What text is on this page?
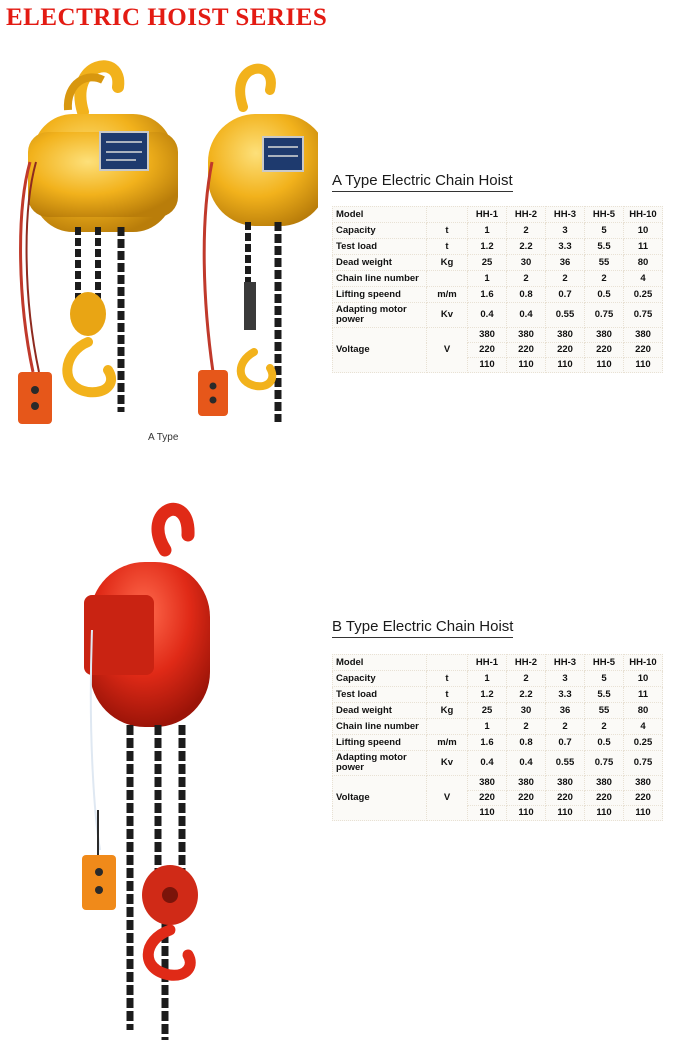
ELECTRIC HOIST SERIES
A Type
A Type Electric Chain Hoist
Model		HH-1	HH-2	HH-3	HH-5	HH-10
Capacity	t	1	2	3	5	10
Test load	t	1.2	2.2	3.3	5.5	11
Dead weight	Kg	25	30	36	55	80
Chain line number		1	2	2	2	4
Lifting speend	m/m	1.6	0.8	0.7	0.5	0.25
Adapting motor power	Kv	0.4	0.4	0.55	0.75	0.75
Voltage	V	380	380	380	380	380
		220	220	220	220	220
		110	110	110	110	110
B Type Electric Chain Hoist
Model		HH-1	HH-2	HH-3	HH-5	HH-10
Capacity	t	1	2	3	5	10
Test load	t	1.2	2.2	3.3	5.5	11
Dead weight	Kg	25	30	36	55	80
Chain line number		1	2	2	2	4
Lifting speend	m/m	1.6	0.8	0.7	0.5	0.25
Adapting motor power	Kv	0.4	0.4	0.55	0.75	0.75
Voltage	V	380	380	380	380	380
		220	220	220	220	220
		110	110	110	110	110
